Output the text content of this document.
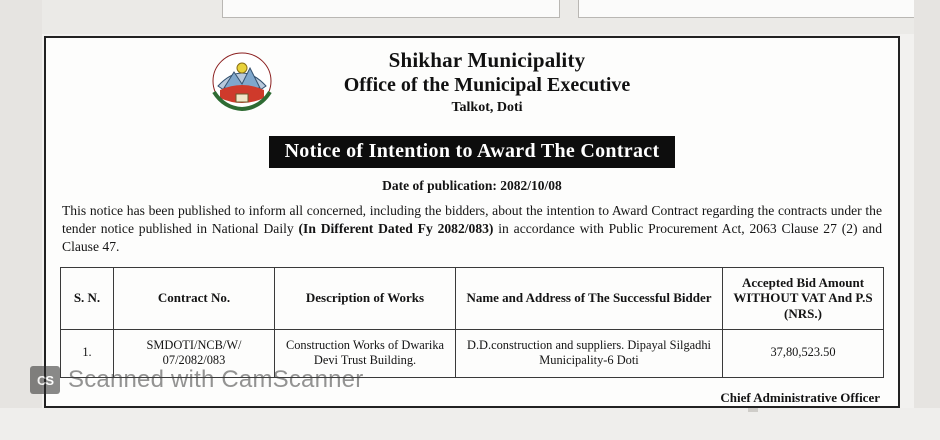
Shikhar Municipality
Office of the Municipal Executive
Talkot, Doti
Notice of Intention to Award The Contract
Date of publication: 2082/10/08
This notice has been published to inform all concerned, including the bidders, about the intention to Award Contract regarding the contracts under the tender notice published in National Daily (In Different Dated Fy 2082/083) in accordance with Public Procurement Act, 2063 Clause 27 (2) and Clause 47.
S. N.	Contract No.	Description of Works	Name and Address of The Successful Bidder	Accepted Bid Amount WITHOUT VAT And P.S (NRS.)
1.	SMDOTI/NCB/W/ 07/2082/083	Construction Works of Dwarika Devi Trust Building.	D.D.construction and suppliers. Dipayal Silgadhi Municipality-6 Doti	37,80,523.50
Chief Administrative Officer
CS Scanned with CamScanner
